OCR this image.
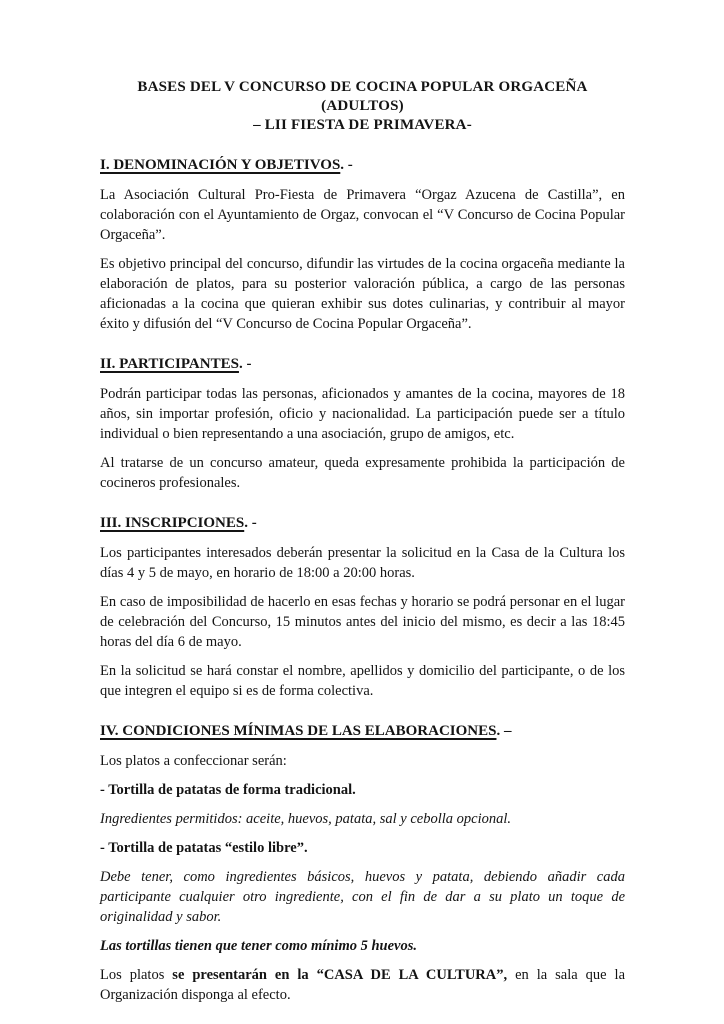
BASES DEL V CONCURSO DE COCINA POPULAR ORGACEÑA
(ADULTOS)
– LII FIESTA DE PRIMAVERA-
I. DENOMINACIÓN Y OBJETIVOS. -

La Asociación Cultural Pro-Fiesta de Primavera “Orgaz Azucena de Castilla”, en colaboración con el Ayuntamiento de Orgaz, convocan el “V Concurso de Cocina Popular Orgaceña”.

Es objetivo principal del concurso, difundir las virtudes de la cocina orgaceña mediante la elaboración de platos, para su posterior valoración pública, a cargo de las personas aficionadas a la cocina que quieran exhibir sus dotes culinarias, y contribuir al mayor éxito y difusión del “V Concurso de Cocina Popular Orgaceña”.

II. PARTICIPANTES. -

Podrán participar todas las personas, aficionados y amantes de la cocina, mayores de 18 años, sin importar profesión, oficio y nacionalidad. La participación puede ser a título individual o bien representando a una asociación, grupo de amigos, etc.

Al tratarse de un concurso amateur, queda expresamente prohibida la participación de cocineros profesionales.

III. INSCRIPCIONES. -

Los participantes interesados deberán presentar la solicitud en la Casa de la Cultura los días 4 y 5 de mayo, en horario de 18:00 a 20:00 horas.

En caso de imposibilidad de hacerlo en esas fechas y horario se podrá personar en el lugar de celebración del Concurso, 15 minutos antes del inicio del mismo, es decir a las 18:45 horas del día 6 de mayo.

En la solicitud se hará constar el nombre, apellidos y domicilio del participante, o de los que integren el equipo si es de forma colectiva.

IV. CONDICIONES MÍNIMAS DE LAS ELABORACIONES. –

Los platos a confeccionar serán:

- Tortilla de patatas de forma tradicional.

Ingredientes permitidos: aceite, huevos, patata, sal y cebolla opcional.

- Tortilla de patatas “estilo libre”.

Debe tener, como ingredientes básicos, huevos y patata, debiendo añadir cada participante cualquier otro ingrediente, con el fin de dar a su plato un toque de originalidad y sabor.

Las tortillas tienen que tener como mínimo 5 huevos.

Los platos se presentarán en la “CASA DE LA CULTURA”, en la sala que la Organización disponga al efecto.
